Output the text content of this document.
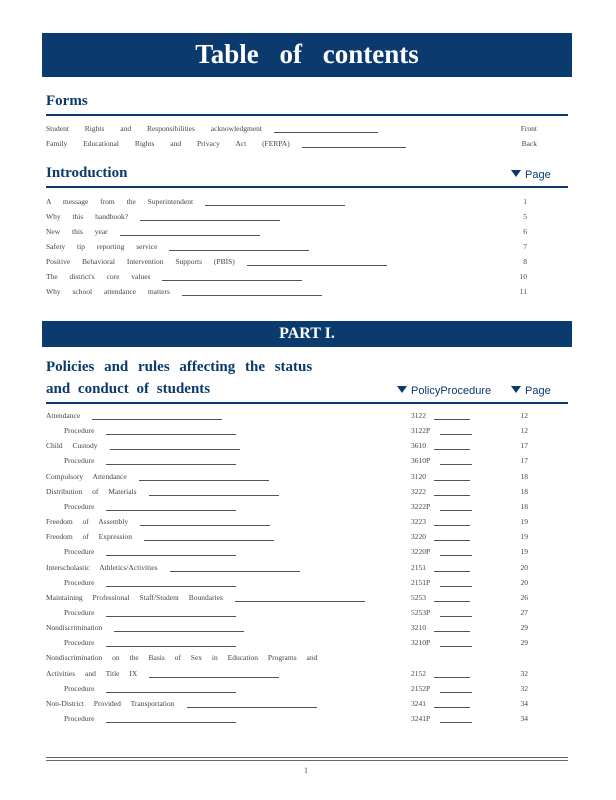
Table of contents
Forms
Student Rights and Responsibilities acknowledgment	Front
Family Educational Rights and Privacy Act (FERPA)	Back
Introduction	Page
A message from the Superintendent	1
Why this handbook?	5
New this year	6
Safety tip reporting service	7
Positive Behavioral Intervention Supports (PBIS)	8
The district's core values	10
Why school attendance matters	11
PART I.
Policies and rules affecting the status
and conduct of students	PolicyProcedure	Page
Attendance	3122	12
Procedure	3122P	12
Child Custody	3610	17
Procedure	3610P	17
Compulsory Attendance	3120	18
Distribution of Materials	3222	18
Procedure	3222P	18
Freedom of Assembly	3223	19
Freedom of Expression	3220	19
Procedure	3220P	19
Interscholastic Athletics/Activities	2151	20
Procedure	2151P	20
Maintaining Professional Staff/Student Boundaries	5253	26
Procedure	5253P	27
Nondiscrimination	3210	29
Procedure	3210P	29
Nondiscrimination on the Basis of Sex in Education Programs and
Activities and Title IX	2152	32
Procedure	2152P	32
Non-District Provided Transportation	3241	34
Procedure	3241P	34
1
